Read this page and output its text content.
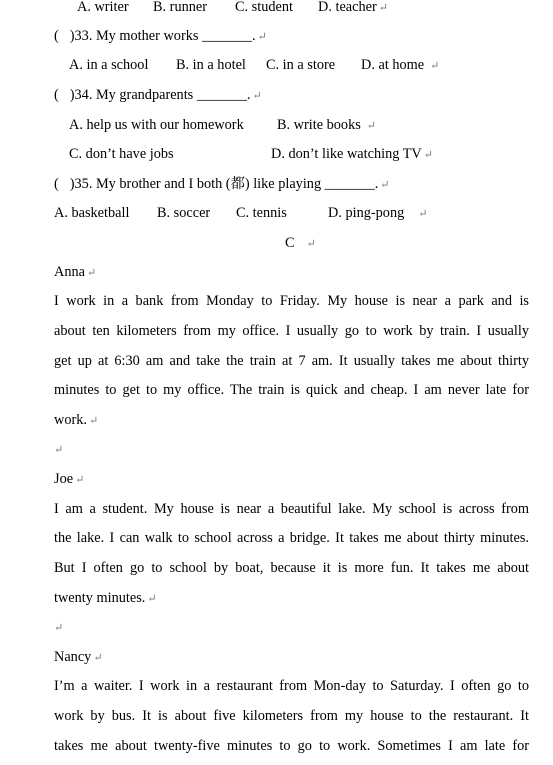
A. writer B. runner C. student D. teacher ↵
( )33. My mother works _______. ↵
A. in a school B. in a hotel C. in a store D. at home ↵
( )34. My grandparents _______. ↵
A. help us with our homework B. write books ↵
C. don’t have jobs	D. don’t like watching TV ↵
( )35. My brother and I both (都) like playing _______. ↵
A. basketball B. soccer C. tennis	D. ping-pong ↵
C ↵
Anna ↵
I work in a bank from Monday to Friday. My house is near a park and is
about ten kilometers from my office. I usually go to work by train. I usually
get up at 6:30 am and take the train at 7 am. It usually takes me about thirty
minutes to get to my office. The train is quick and cheap. I am never late for
work. ↵
↵
Joe ↵
I am a student. My house is near a beautiful lake. My school is across from
the lake. I can walk to school across a bridge. It takes me about thirty minutes.
But I often go to school by boat, because it is more fun. It takes me about
twenty minutes. ↵
↵
Nancy ↵
I’m a waiter. I work in a restaurant from Mon-day to Saturday. I often go to
work by bus. It is about five kilometers from my house to the restaurant. It
takes me about twenty-five minutes to go to work. Sometimes I am late for
